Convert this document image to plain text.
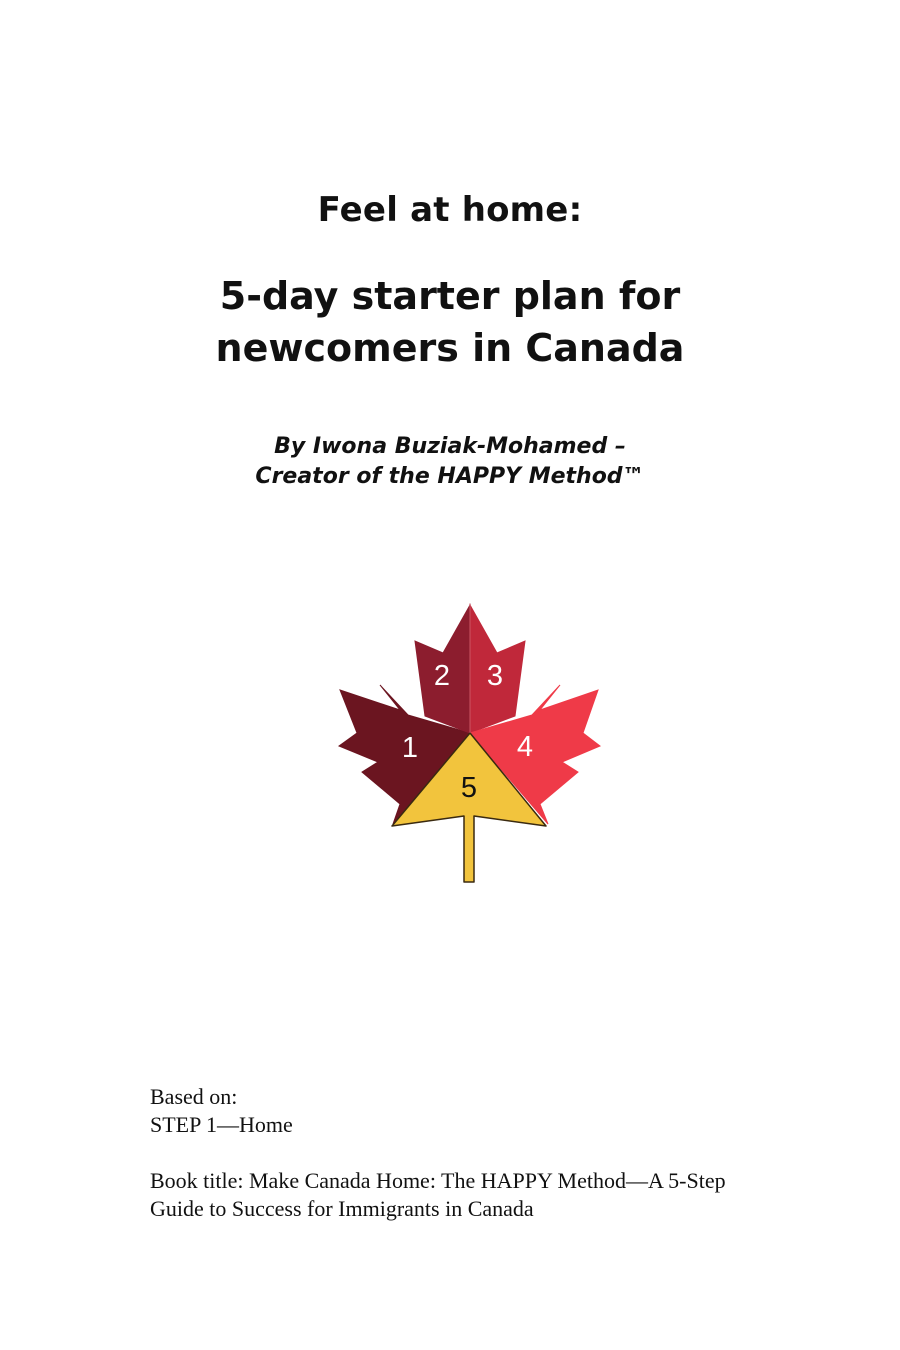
Feel at home:
5-day starter plan for
newcomers in Canada
By Iwona Buziak-Mohamed –
Creator of the HAPPY Method™
1
2 3
4
5
Based on:
STEP 1—Home
Book title: Make Canada Home: The HAPPY Method—A 5-Step
Guide to Success for Immigrants in Canada
